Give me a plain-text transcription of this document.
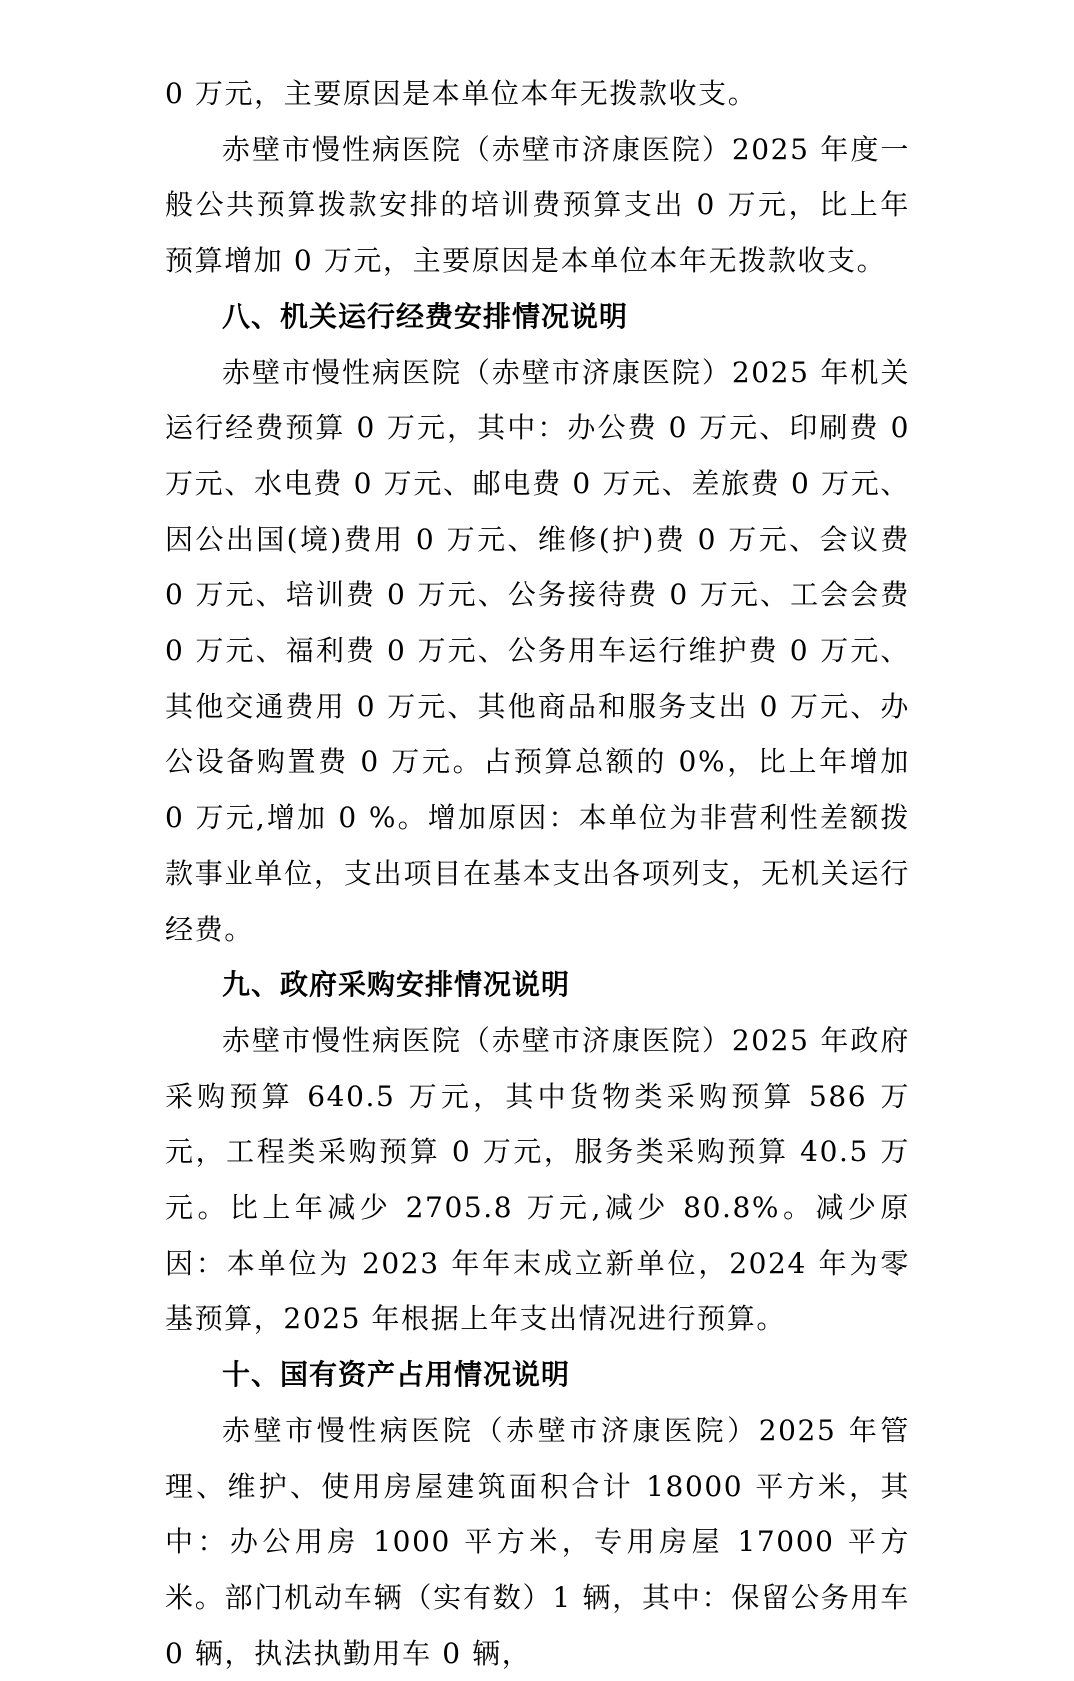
0 万元，主要原因是本单位本年无拨款收支。

赤壁市慢性病医院（赤壁市济康医院）2025 年度一般公共预算拨款安排的培训费预算支出 0 万元，比上年预算增加 0 万元，主要原因是本单位本年无拨款收支。

八、机关运行经费安排情况说明

赤壁市慢性病医院（赤壁市济康医院）2025 年机关运行经费预算 0 万元，其中：办公费 0 万元、印刷费 0 万元、水电费 0 万元、邮电费 0 万元、差旅费 0 万元、因公出国(境)费用 0 万元、维修(护)费 0 万元、会议费 0 万元、培训费 0 万元、公务接待费 0 万元、工会会费 0 万元、福利费 0 万元、公务用车运行维护费 0 万元、其他交通费用 0 万元、其他商品和服务支出 0 万元、办公设备购置费 0 万元。占预算总额的 0%，比上年增加 0 万元,增加 0 %。增加原因：本单位为非营利性差额拨款事业单位，支出项目在基本支出各项列支，无机关运行经费。

九、政府采购安排情况说明

赤壁市慢性病医院（赤壁市济康医院）2025 年政府采购预算 640.5 万元，其中货物类采购预算 586 万元，工程类采购预算 0 万元，服务类采购预算 40.5 万元。比上年减少 2705.8 万元,减少 80.8%。减少原因：本单位为 2023 年年末成立新单位，2024 年为零基预算，2025 年根据上年支出情况进行预算。

十、国有资产占用情况说明

赤壁市慢性病医院（赤壁市济康医院）2025 年管理、维护、使用房屋建筑面积合计 18000 平方米，其中：办公用房 1000 平方米，专用房屋 17000 平方米。部门机动车辆（实有数）1 辆，其中：保留公务用车 0 辆，执法执勤用车 0 辆，
